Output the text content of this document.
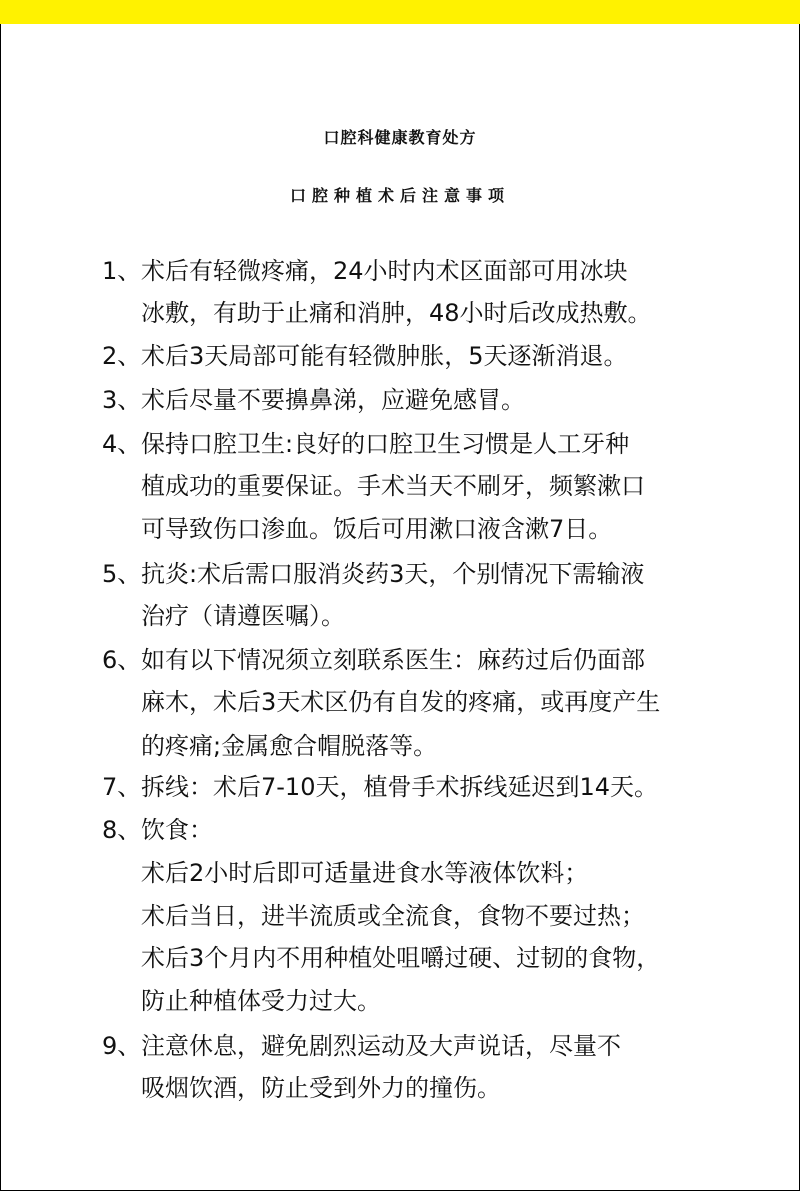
口腔科健康教育处方
口腔种植术后注意事项
1、 术后有轻微疼痛，24小时内术区面部可用冰块
冰敷，有助于止痛和消肿，48小时后改成热敷。
2、 术后3天局部可能有轻微肿胀，5天逐渐消退。
3、 术后尽量不要擤鼻涕，应避免感冒。
4、 保持口腔卫生:良好的口腔卫生习惯是人工牙种
植成功的重要保证。手术当天不刷牙，频繁漱口
可导致伤口渗血。饭后可用漱口液含漱7日。
5、 抗炎:术后需口服消炎药3天，个别情况下需输液
治疗（请遵医嘱）。
6、 如有以下情况须立刻联系医生：麻药过后仍面部
麻木，术后3天术区仍有自发的疼痛，或再度产生
的疼痛;金属愈合帽脱落等。
7、 拆线：术后7-10天，植骨手术拆线延迟到14天。
8、 饮食：
术后2小时后即可适量进食水等液体饮料；
术后当日，进半流质或全流食，食物不要过热；
术后3个月内不用种植处咀嚼过硬、过韧的食物，
防止种植体受力过大。
9、 注意休息，避免剧烈运动及大声说话，尽量不
吸烟饮酒，防止受到外力的撞伤。
